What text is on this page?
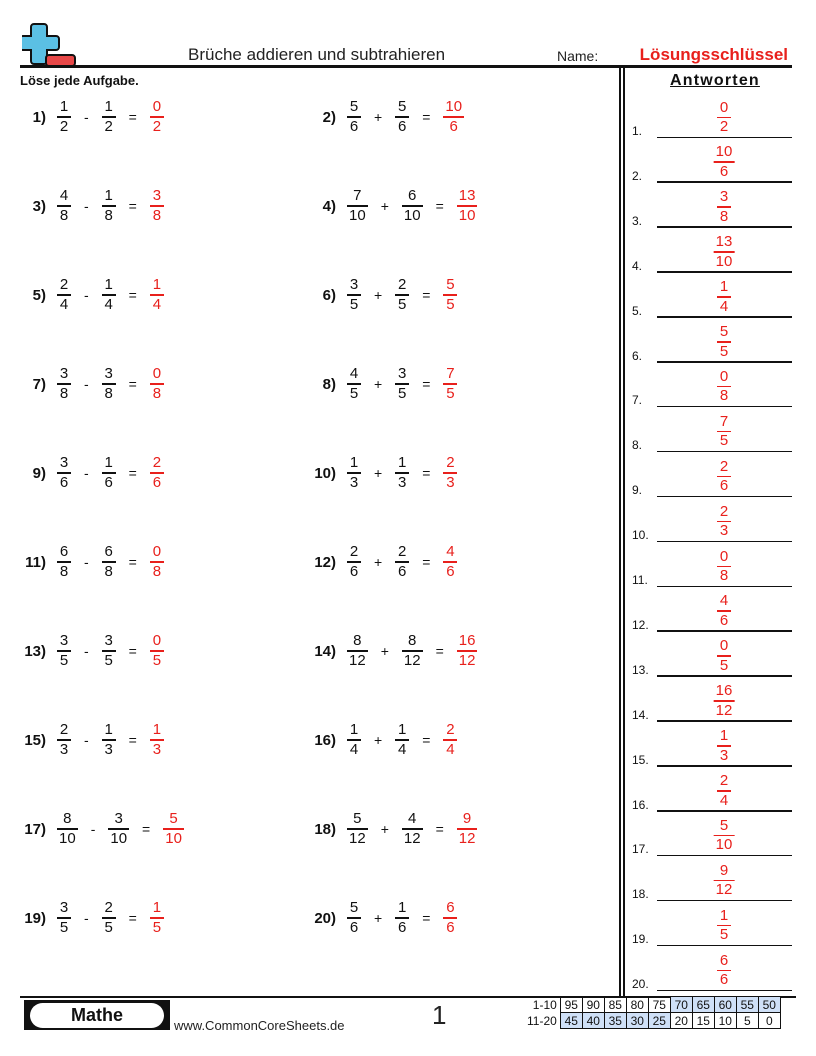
Brüche addieren und subtrahieren	Name: Lösungsschlüssel
Löse jede Aufgabe.
$1) \frac{1}{2} - \frac{1}{2} = \frac{0}{2}$	$2) \frac{5}{6} + \frac{5}{6} = \frac{10}{6}$
$3) \frac{4}{8} - \frac{1}{8} = \frac{3}{8}$	$4) \frac{7}{10} + \frac{6}{10} = \frac{13}{10}$
$5) \frac{2}{4} - \frac{1}{4} = \frac{1}{4}$	$6) \frac{3}{5} + \frac{2}{5} = \frac{5}{5}$
$7) \frac{3}{8} - \frac{3}{8} = \frac{0}{8}$	$8) \frac{4}{5} + \frac{3}{5} = \frac{7}{5}$
$9) \frac{3}{6} - \frac{1}{6} = \frac{2}{6}$	$10) \frac{1}{3} + \frac{1}{3} = \frac{2}{3}$
$11) \frac{6}{8} - \frac{6}{8} = \frac{0}{8}$	$12) \frac{2}{6} + \frac{2}{6} = \frac{4}{6}$
$13) \frac{3}{5} - \frac{3}{5} = \frac{0}{5}$	$14) \frac{8}{12} + \frac{8}{12} = \frac{16}{12}$
$15) \frac{2}{3} - \frac{1}{3} = \frac{1}{3}$	$16) \frac{1}{4} + \frac{1}{4} = \frac{2}{4}$
$17) \frac{8}{10} - \frac{3}{10} = \frac{5}{10}$	$18) \frac{5}{12} + \frac{4}{12} = \frac{9}{12}$
$19) \frac{3}{5} - \frac{2}{5} = \frac{1}{5}$	$20) \frac{5}{6} + \frac{1}{6} = \frac{6}{6}$
Antworten
1.	$\frac{0}{2}$
2.	$\frac{10}{6}$
3.	$\frac{3}{8}$
4.	$\frac{13}{10}$
5.	$\frac{1}{4}$
6.	$\frac{5}{5}$
7.	$\frac{0}{8}$
8.	$\frac{7}{5}$
9.	$\frac{2}{6}$
10.	$\frac{2}{3}$
11.	$\frac{0}{8}$
12.	$\frac{4}{6}$
13.	$\frac{0}{5}$
14.	$\frac{16}{12}$
15.	$\frac{1}{3}$
16.	$\frac{2}{4}$
17.	$\frac{5}{10}$
18.	$\frac{9}{12}$
19.	$\frac{1}{5}$
20.	$\frac{6}{6}$
Mathe
www.CommonCoreSheets.de	1	1-10	95	90	85	80	75	70	65	60	55	50
11-20	45	40	35	30	25	20	15	10	5	0
